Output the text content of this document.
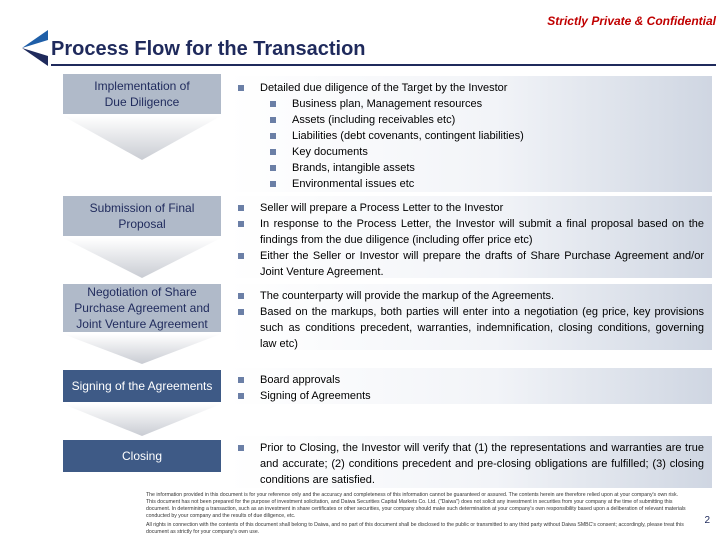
Strictly Private & Confidential
Process Flow for the Transaction
Implementation of
Due Diligence
Detailed due diligence of the Target by the Investor
Business plan, Management resources
Assets (including receivables etc)
Liabilities (debt covenants, contingent liabilities)
Key documents
Brands, intangible assets
Environmental issues etc
Submission of Final
Proposal
Seller will prepare a Process Letter to the Investor
In response to the Process Letter, the Investor will submit a final proposal based on the findings from the due diligence (including offer price etc)
Either the Seller or Investor will prepare the drafts of Share Purchase Agreement and/or Joint Venture Agreement.
Negotiation of Share
Purchase Agreement and
Joint Venture Agreement
The counterparty will provide the markup of the Agreements.
Based on the markups, both parties will enter into a negotiation (eg price, key provisions such as conditions precedent, warranties, indemnification, closing conditions, governing law etc)
Signing of the Agreements	Board approvals
Signing of Agreements
Closing
Prior to Closing, the Investor will verify that (1) the representations and warranties are true and accurate; (2) conditions precedent and pre-closing obligations are fulfilled; (3) closing conditions are satisfied.
The information provided in this document is for your reference only and the accuracy and completeness of this information cannot be guaranteed or assured. The contents herein are therefore relied upon at your company's own risk. This document has not been prepared for the purpose of investment solicitation, and Daiwa Securities Capital Markets Co. Ltd. ("Daiwa") does not solicit any investment in securities from your company at the time of submitting this document. In determining a transaction, such as an investment in share certificates or other securities, your company should make such determination at your company's own responsibility based upon a deliberation of relevant materials conducted by your company and the results of due diligence, etc.
All rights in connection with the contents of this document shall belong to Daiwa, and no part of this document shall be disclosed to the public or transmitted to any third party without Daiwa SMBC's consent; accordingly, please treat this document as strictly for your company's own use.
2
